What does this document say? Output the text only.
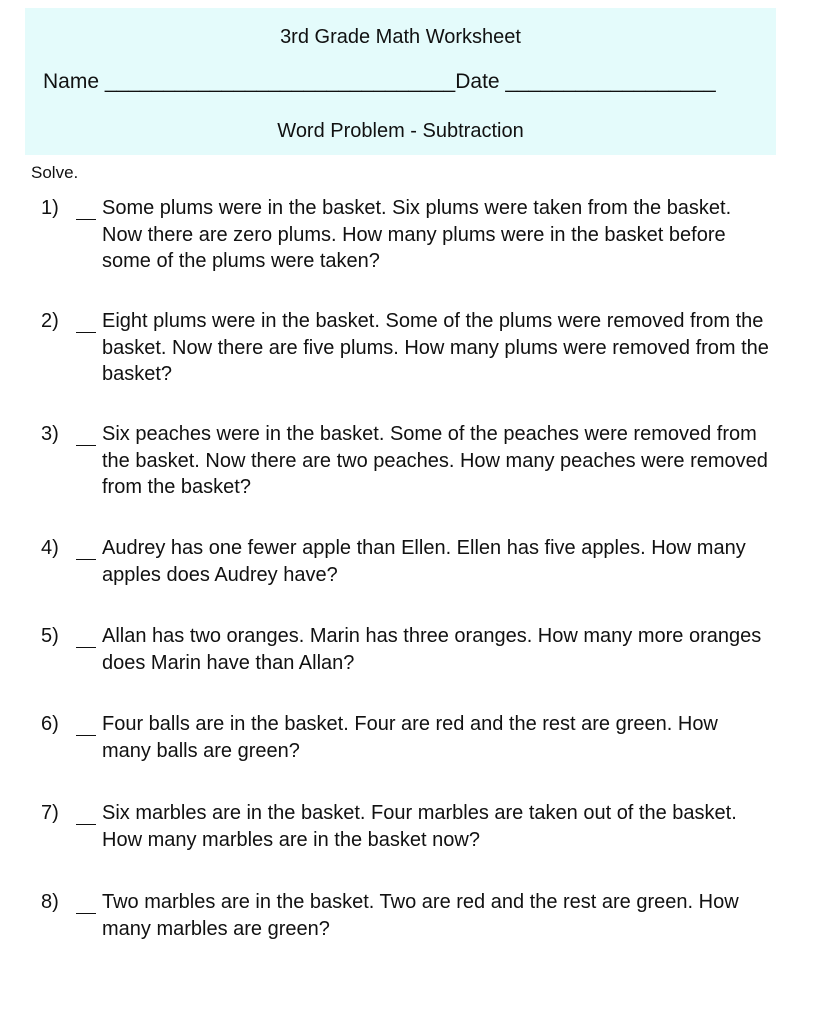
3rd Grade Math Worksheet
Name ______________________________Date __________________
Word Problem - Subtraction
Solve.
1) Some plums were in the basket. Six plums were taken from the basket. Now there are zero plums. How many plums were in the basket before some of the plums were taken?
2) Eight plums were in the basket. Some of the plums were removed from the basket. Now there are five plums. How many plums were removed from the basket?
3) Six peaches were in the basket. Some of the peaches were removed from the basket. Now there are two peaches. How many peaches were removed from the basket?
4) Audrey has one fewer apple than Ellen. Ellen has five apples. How many apples does Audrey have?
5) Allan has two oranges. Marin has three oranges. How many more oranges does Marin have than Allan?
6) Four balls are in the basket. Four are red and the rest are green. How many balls are green?
7) Six marbles are in the basket. Four marbles are taken out of the basket. How many marbles are in the basket now?
8) Two marbles are in the basket. Two are red and the rest are green. How many marbles are green?
